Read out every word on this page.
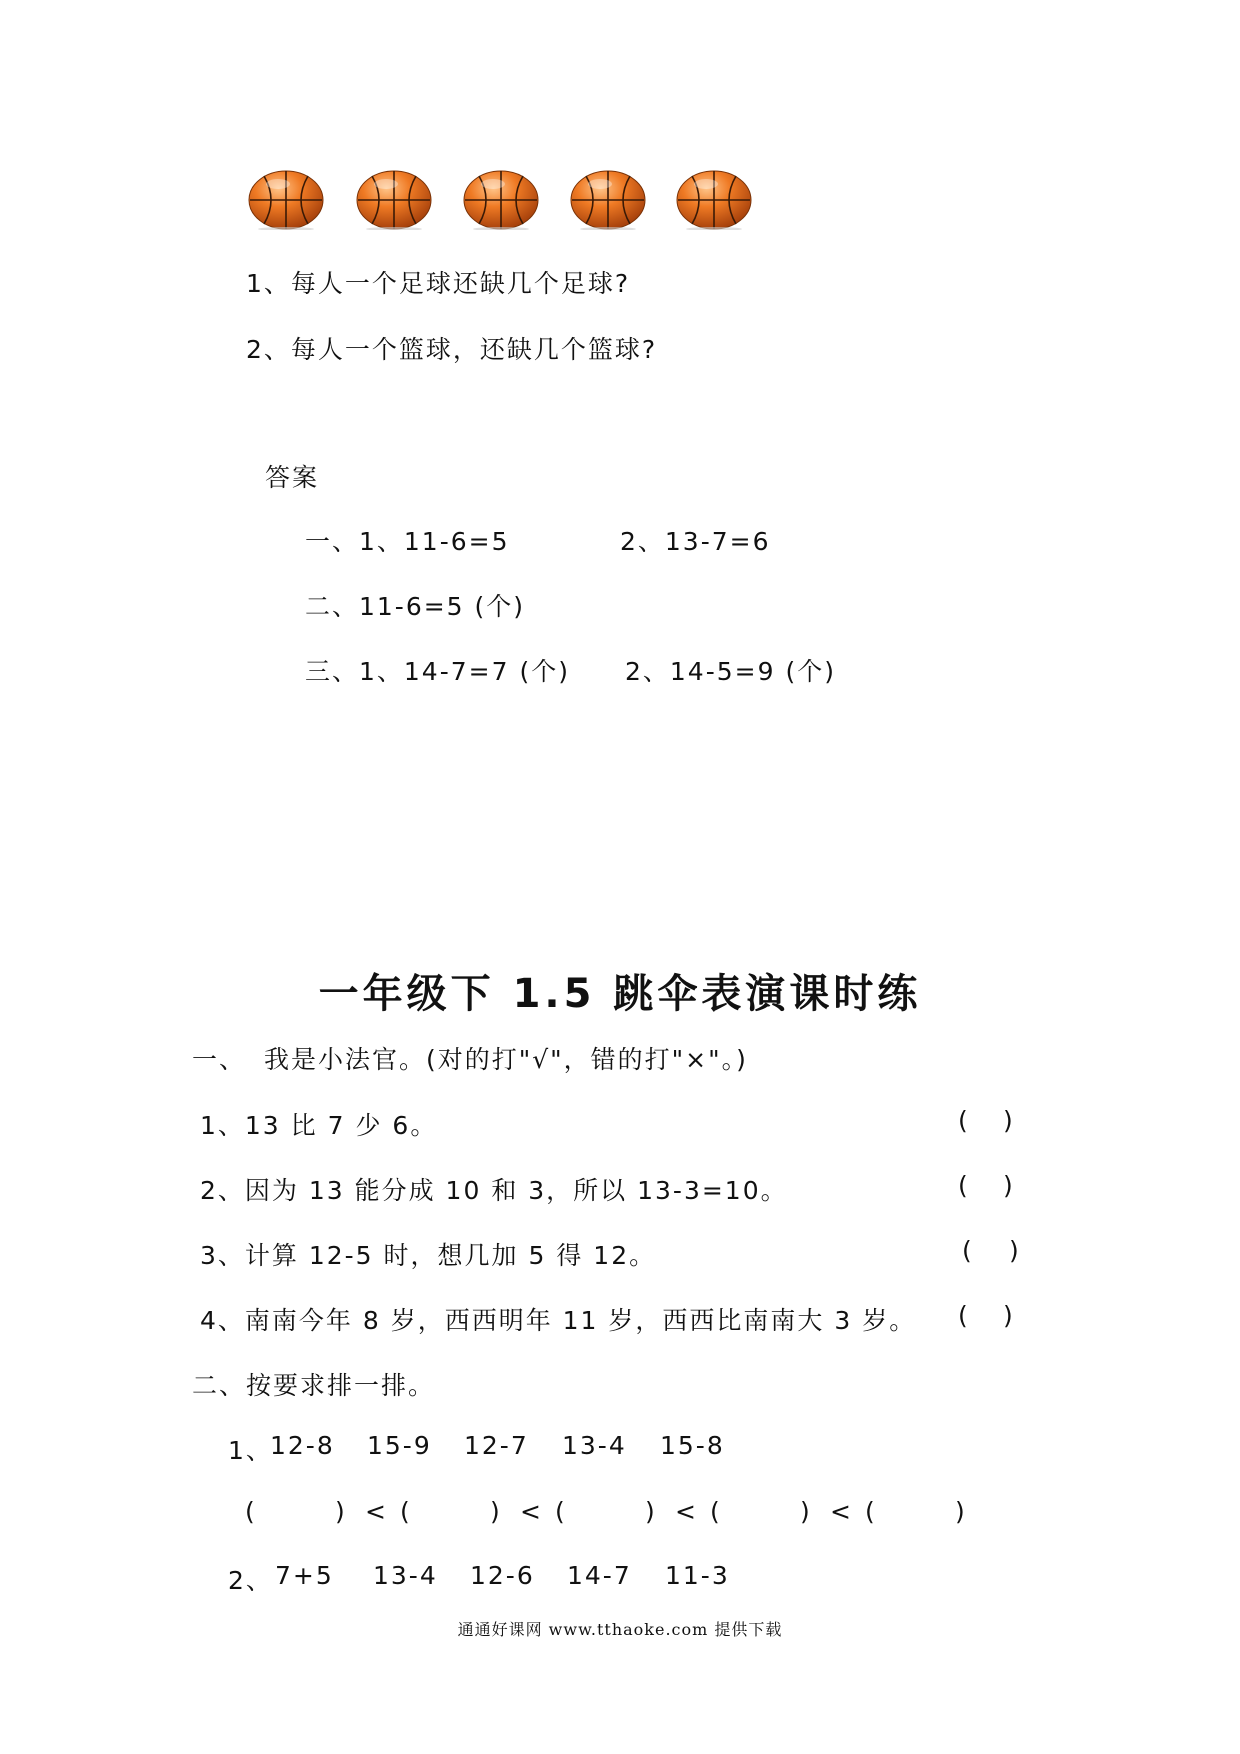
1、每人一个足球还缺几个足球?
2、每人一个篮球，还缺几个篮球?
答案
一、1、11-6=5	2、13-7=6
二、11-6=5 (个)
三、1、14-7=7 (个) 2、14-5=9 (个)
一年级下 1.5 跳伞表演课时练
一、 我是小法官。(对的打"√"，错的打"×"。)
1、13 比 7 少 6。	( )
2、因为 13 能分成 10 和 3，所以 13-3=10。	( )
3、计算 12-5 时，想几加 5 得 12。	( )
4、南南今年 8 岁，西西明年 11 岁，西西比南南大 3 岁。 ( )
二、按要求排一排。
1、
12-8 15-9 12-7 13-4 15-8
(	) < (	) < (	) < (	) < (	)
2、 7+5 13-4 12-6 14-7 11-3
通通好课网 www.tthaoke.com 提供下载
